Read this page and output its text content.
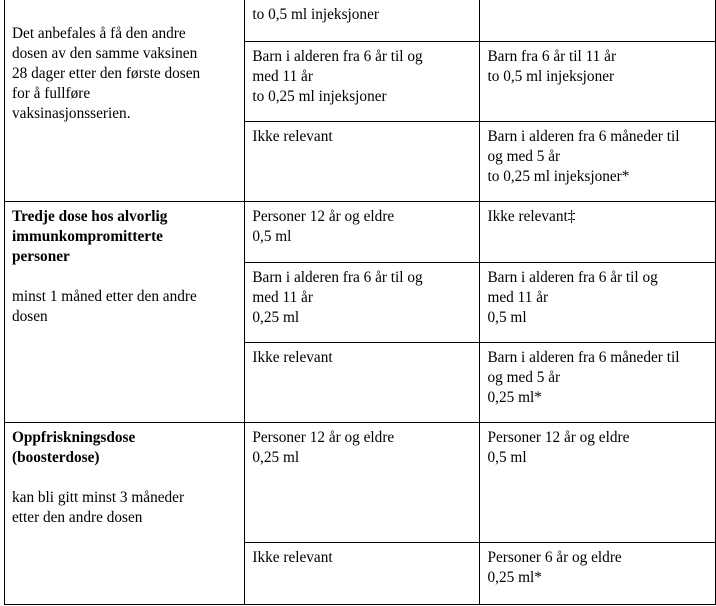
Det anbefales å få den andre
dosen av den samme vaksinen
28 dager etter den første dosen
for å fullføre
vaksinasjonsserien.	to 0,5 ml injeksjoner	

	Barn i alderen fra 6 år til og
med 11 år
to 0,25 ml injeksjoner	Barn fra 6 år til 11 år
to 0,5 ml injeksjoner

	Ikke relevant	Barn i alderen fra 6 måneder til
og med 5 år
to 0,25 ml injeksjoner*

Tredje dose hos alvorlig
immunkompromitterte
personer
minst 1 måned etter den andre
dosen	Personer 12 år og eldre
0,5 ml	Ikke relevant‡

	Barn i alderen fra 6 år til og
med 11 år
0,25 ml	Barn i alderen fra 6 år til og
med 11 år
0,5 ml

	Ikke relevant	Barn i alderen fra 6 måneder til
og med 5 år
0,25 ml*

Oppfriskningsdose
(boosterdose)
kan bli gitt minst 3 måneder
etter den andre dosen	Personer 12 år og eldre
0,25 ml	Personer 12 år og eldre
0,5 ml

	Ikke relevant	Personer 6 år og eldre
0,25 ml*
